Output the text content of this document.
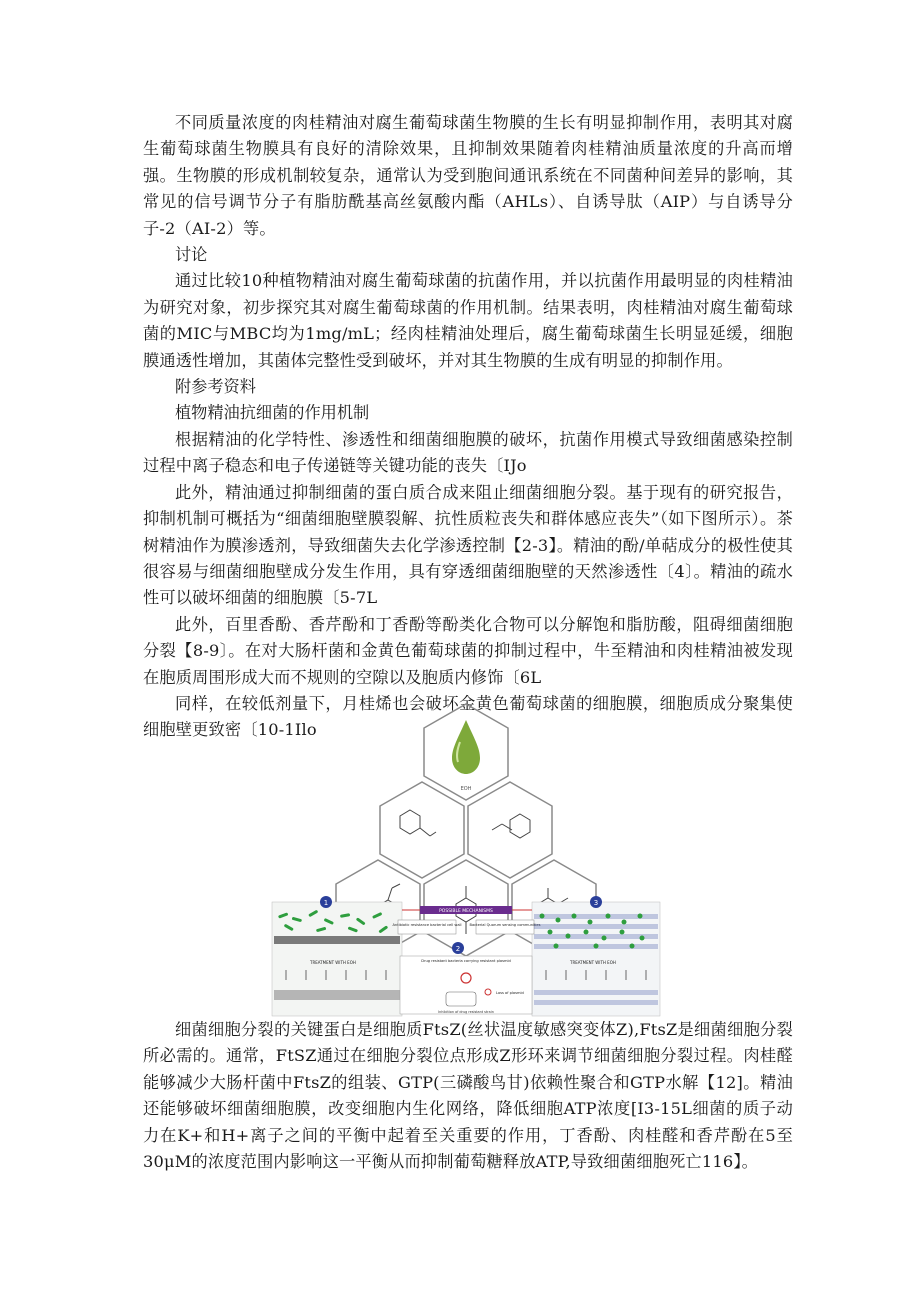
不同质量浓度的肉桂精油对腐生葡萄球菌生物膜的生长有明显抑制作用，表明其对腐生葡萄球菌生物膜具有良好的清除效果，且抑制效果随着肉桂精油质量浓度的升高而增强。生物膜的形成机制较复杂，通常认为受到胞间通讯系统在不同菌种间差异的影响，其常见的信号调节分子有脂肪酰基高丝氨酸内酯（AHLs）、自诱导肽（AIP）与自诱导分子-2（AI-2）等。

讨论

通过比较10种植物精油对腐生葡萄球菌的抗菌作用，并以抗菌作用最明显的肉桂精油为研究对象，初步探究其对腐生葡萄球菌的作用机制。结果表明，肉桂精油对腐生葡萄球菌的MIC与MBC均为1mg/mL；经肉桂精油处理后，腐生葡萄球菌生长明显延缓，细胞膜通透性增加，其菌体完整性受到破坏，并对其生物膜的生成有明显的抑制作用。

附参考资料

植物精油抗细菌的作用机制

根据精油的化学特性、渗透性和细菌细胞膜的破坏，抗菌作用模式导致细菌感染控制过程中离子稳态和电子传递链等关键功能的丧失〔IJo

此外，精油通过抑制细菌的蛋白质合成来阻止细菌细胞分裂。基于现有的研究报告，抑制机制可概括为“细菌细胞壁膜裂解、抗性质粒丧失和群体感应丧失”（如下图所示）。茶树精油作为膜渗透剂，导致细菌失去化学渗透控制【2-3】。精油的酚/单萜成分的极性使其很容易与细菌细胞壁成分发生作用，具有穿透细菌细胞壁的天然渗透性〔4〕。精油的疏水性可以破坏细菌的细胞膜〔5-7L

此外，百里香酚、香芹酚和丁香酚等酚类化合物可以分解饱和脂肪酸，阻碍细菌细胞分裂【8-9〕。在对大肠杆菌和金黄色葡萄球菌的抑制过程中，牛至精油和肉桂精油被发现在胞质周围形成大而不规则的空隙以及胞质内修饰〔6L

同样，在较低剂量下，月桂烯也会破坏金黄色葡萄球菌的细胞膜，细胞质成分聚集使细胞壁更致密〔10-1Ilo

EOH
1
2
3
POSSIBLE MECHANISMS
Antibiotic resistance bacterial cell wall Bacterial Quorum sensing communities
Drug resistant bacteria carrying resistant plasmid
Loss of plasmid
Inhibition of drug resistant strain
TREATMENT WITH EOH	TREATMENT WITH EOH

细菌细胞分裂的关键蛋白是细胞质FtsZ(丝状温度敏感突变体Z),FtsZ是细菌细胞分裂所必需的。通常，FtSZ通过在细胞分裂位点形成Z形环来调节细菌细胞分裂过程。肉桂醛能够减少大肠杆菌中FtsZ的组装、GTP(三磷酸鸟甘)依赖性聚合和GTP水解【12]。精油还能够破坏细菌细胞膜，改变细胞内生化网络，降低细胞ATP浓度[I3-15L细菌的质子动力在K+和H+离子之间的平衡中起着至关重要的作用，丁香酚、肉桂醛和香芹酚在5至30μM的浓度范围内影响这一平衡从而抑制葡萄糖释放ATP,导致细菌细胞死亡116】。
